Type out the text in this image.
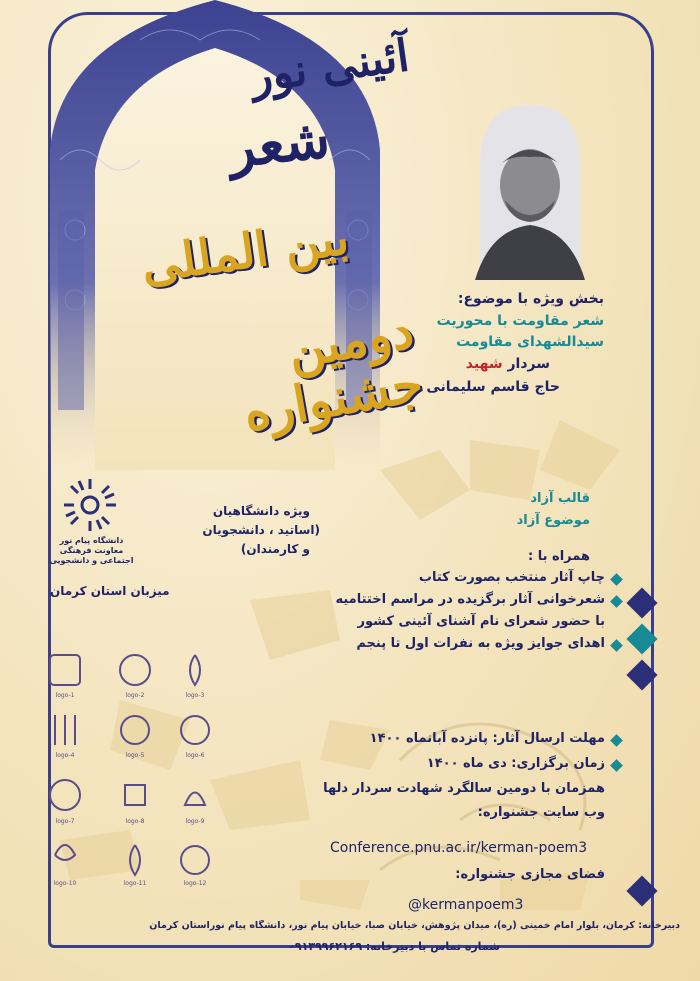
آئینی نور
شعر
بین المللی
دومین جشنواره
بخش ویژه با موضوع:
شعر مقاومت با محوریت
سیدالشهدای مقاومت
سردار شهید
حاج قاسم سلیمانی
دانشگاه پیام نور
معاونت فرهنگی
اجتماعی و دانشجویی
میزبان استان کرمان
ویژه دانشگاهیان
(اساتید ، دانشجویان
و کارمندان)
قالب آزاد
موضوع آزاد
همراه با :
چاپ آثار منتخب بصورت کتاب
شعرخوانی آثار برگزیده در مراسم اختتامیه
با حضور شعرای نام آشنای آئینی کشور
اهدای جوایز ویژه به نفرات اول تا پنجم
مهلت ارسال آثار: پانزده آبانماه ۱۴۰۰
زمان برگزاری: دی ماه ۱۴۰۰
همزمان با دومین سالگرد شهادت سردار دلها
وب سایت جشنواره:
Conference.pnu.ac.ir/kerman-poem3
فضای مجازی جشنواره:
@kermanpoem3
logo-1	logo-2	logo-3
logo-4	logo-5	logo-6
logo-7	logo-8	logo-9
logo-10	logo-11	logo-12
دبیرخانه: کرمان، بلوار امام خمینی (ره)، میدان پژوهش، خیابان صبا، خیابان پیام نور، دانشگاه پیام نوراستان کرمان
شماره تماس با دبیرخانه: ۰۹۱۳۹۹۶۲۱۶۹
